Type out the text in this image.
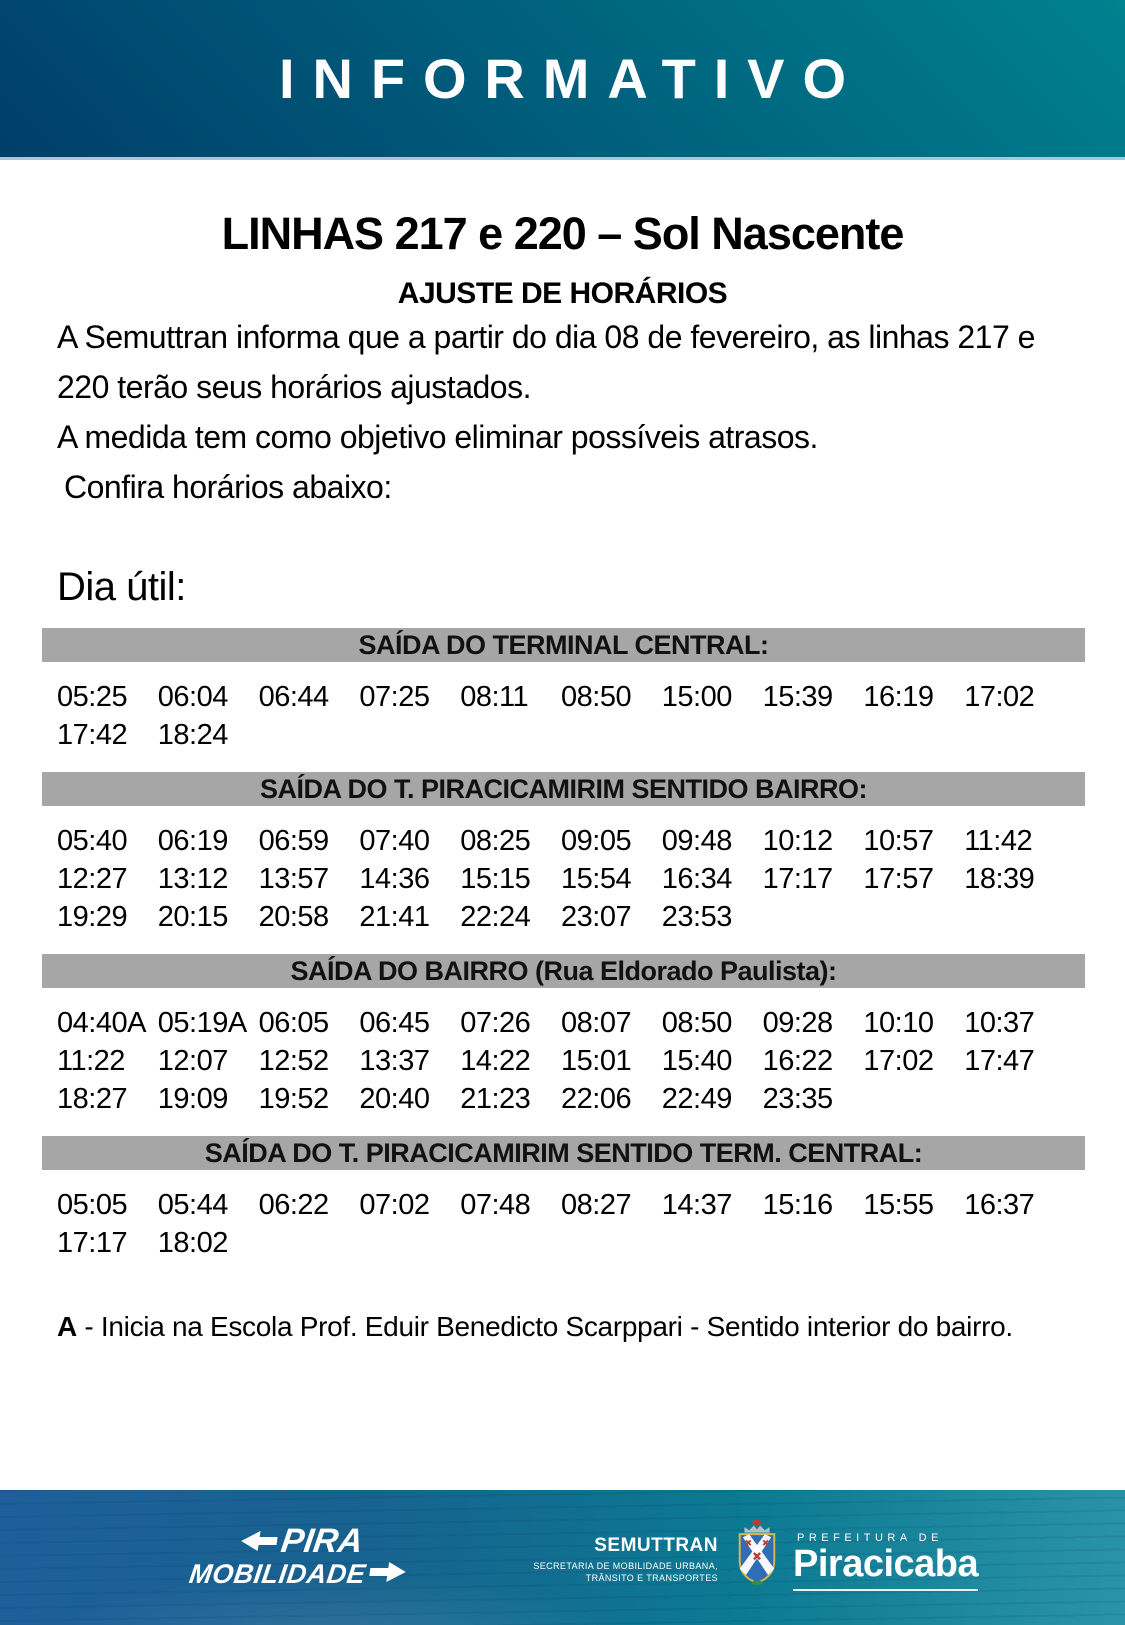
INFORMATIVO
LINHAS 217 e 220 – Sol Nascente
AJUSTE DE HORÁRIOS

A Semuttran informa que a partir do dia 08 de fevereiro, as linhas 217 e 220 terão seus horários ajustados.

A medida tem como objetivo eliminar possíveis atrasos.

Confira horários abaixo:

Dia útil:
SAÍDA DO TERMINAL CENTRAL:
05:25	06:04	06:44	07:25	08:11	08:50	15:00	15:39	16:19	17:02
17:42	18:24
SAÍDA DO T. PIRACICAMIRIM SENTIDO BAIRRO:
05:40	06:19	06:59	07:40	08:25	09:05	09:48	10:12	10:57	11:42
12:27	13:12	13:57	14:36	15:15	15:54	16:34	17:17	17:57	18:39
19:29	20:15	20:58	21:41	22:24	23:07	23:53
SAÍDA DO BAIRRO (Rua Eldorado Paulista):
04:40A 05:19A 06:05	06:45	07:26	08:07	08:50	09:28	10:10	10:37
11:22	12:07	12:52	13:37	14:22	15:01	15:40	16:22	17:02	17:47
18:27	19:09	19:52	20:40	21:23	22:06	22:49	23:35
SAÍDA DO T. PIRACICAMIRIM SENTIDO TERM. CENTRAL:
05:05	05:44	06:22	07:02	07:48	08:27	14:37	15:16	15:55	16:37
17:17	18:02
A - Inicia na Escola Prof. Eduir Benedicto Scarppari - Sentido interior do bairro.
PIRA
MOBILIDADE
SEMUTTRAN
SECRETARIA DE MOBILIDADE URBANA,
TRÂNSITO E TRANSPORTES
PREFEITURA DE
Piracicaba
